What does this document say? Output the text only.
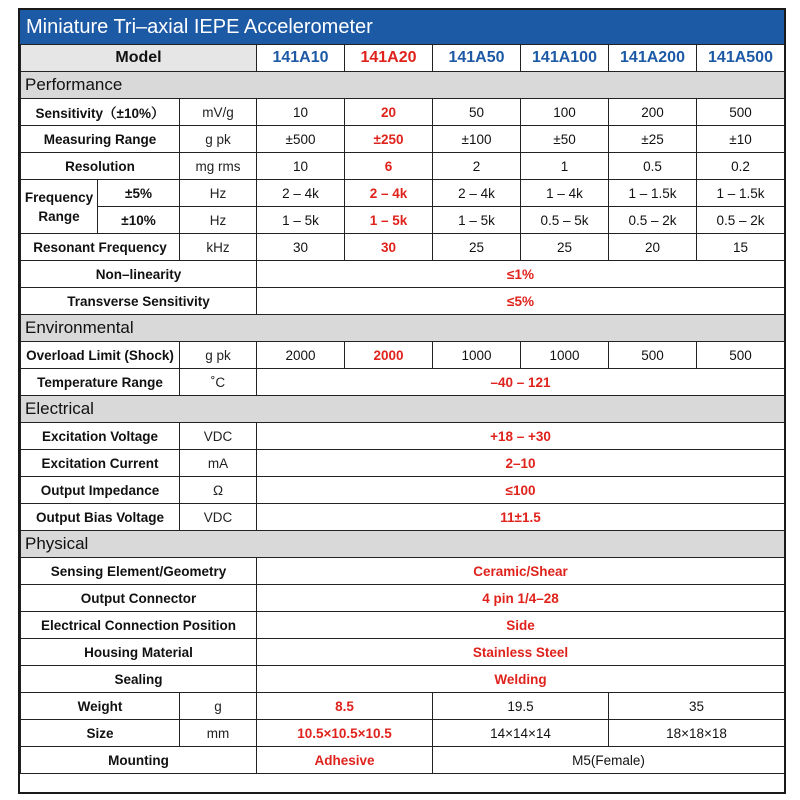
Miniature Tri–axial IEPE Accelerometer
Model			141A10	141A20	141A50	141A100	141A200	141A500
Performance								
Sensitivity（±10%）		mV/g	10	20	50	100	200	500
Measuring Range		g pk	±500	±250	±100	±50	±25	±10
Resolution		mg rms	10	6	2	1	0.5	0.2
Frequency
Range	±5%	Hz	2 – 4k	2 – 4k	2 – 4k	1 – 4k	1 – 1.5k	1 – 1.5k
	±10%	Hz	1 – 5k	1 – 5k	1 – 5k	0.5 – 5k	0.5 – 2k	0.5 – 2k
Resonant Frequency		kHz	30	30	25	25	20	15
Non–linearity			≤1%					
Transverse Sensitivity			≤5%					
Environmental								
Overload Limit (Shock)		g pk	2000	2000	1000	1000	500	500
Temperature Range		˚C	–40 – 121					
Electrical								
Excitation Voltage		VDC	+18 – +30					
Excitation Current		mA	2–10					
Output Impedance		Ω	≤100					
Output Bias Voltage		VDC	11±1.5					
Physical								
Sensing Element/Geometry			Ceramic/Shear					
Output Connector			4 pin 1/4–28					
Electrical Connection Position			Side					
Housing Material			Stainless Steel					
Sealing			Welding					
Weight		g	8.5		19.5		35	
Size		mm	10.5×10.5×10.5		14×14×14		18×18×18	
Mounting			Adhesive		M5(Female)			
